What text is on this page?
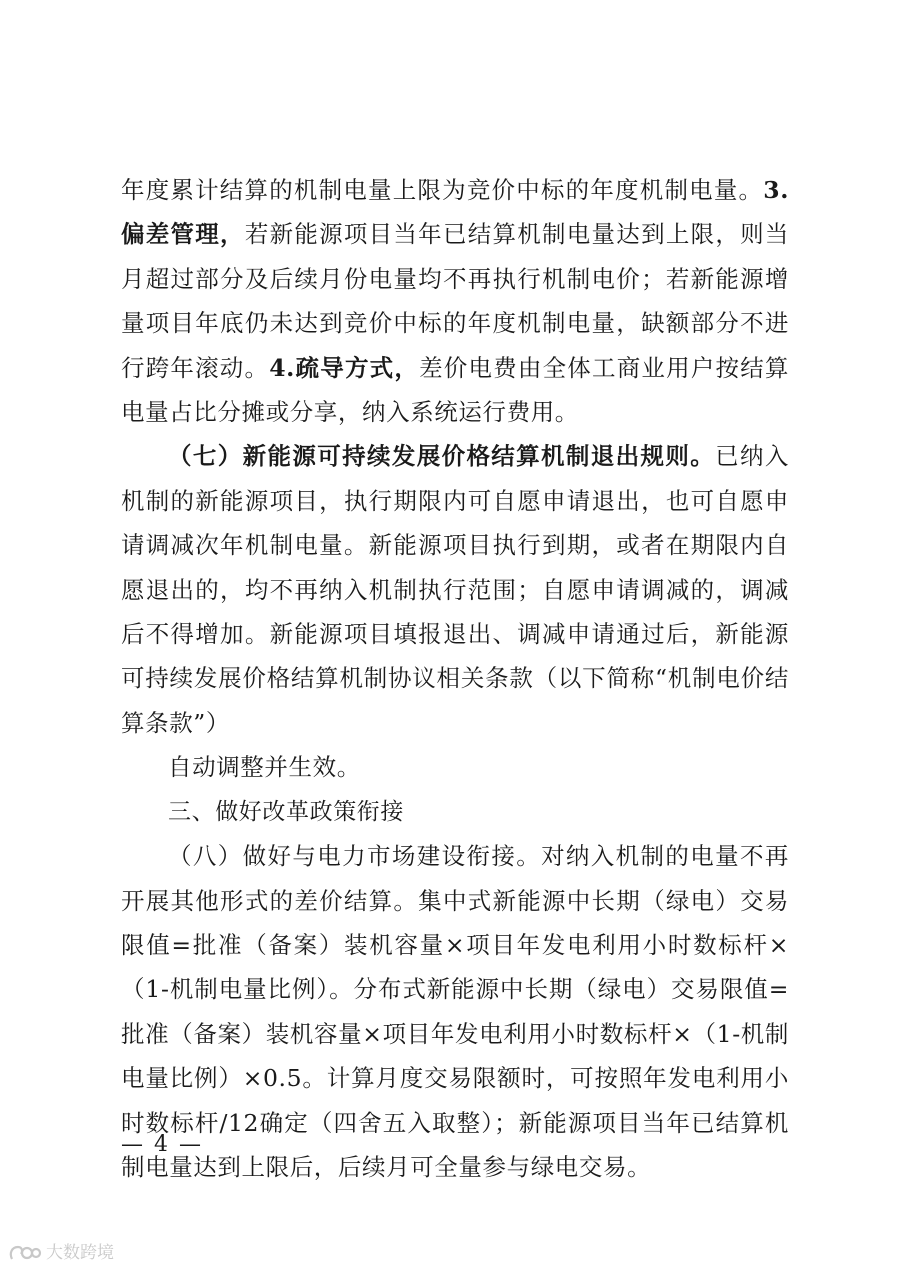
年度累计结算的机制电量上限为竞价中标的年度机制电量。3.偏差管理，若新能源项目当年已结算机制电量达到上限，则当月超过部分及后续月份电量均不再执行机制电价；若新能源增量项目年底仍未达到竞价中标的年度机制电量，缺额部分不进行跨年滚动。4.疏导方式，差价电费由全体工商业用户按结算电量占比分摊或分享，纳入系统运行费用。

（七）新能源可持续发展价格结算机制退出规则。已纳入机制的新能源项目，执行期限内可自愿申请退出，也可自愿申请调减次年机制电量。新能源项目执行到期，或者在期限内自愿退出的，均不再纳入机制执行范围；自愿申请调减的，调减后不得增加。新能源项目填报退出、调减申请通过后，新能源可持续发展价格结算机制协议相关条款（以下简称“机制电价结算条款”）
自动调整并生效。

三、做好改革政策衔接

（八）做好与电力市场建设衔接。对纳入机制的电量不再开展其他形式的差价结算。集中式新能源中长期（绿电）交易限值=批准（备案）装机容量×项目年发电利用小时数标杆×（1-机制电量比例）。分布式新能源中长期（绿电）交易限值=批准（备案）装机容量×项目年发电利用小时数标杆×（1-机制电量比例）×0.5。计算月度交易限额时，可按照年发电利用小时数标杆/12确定（四舍五入取整）；新能源项目当年已结算机制电量达到上限后，后续月可全量参与绿电交易。

— 4 —
大数跨境
